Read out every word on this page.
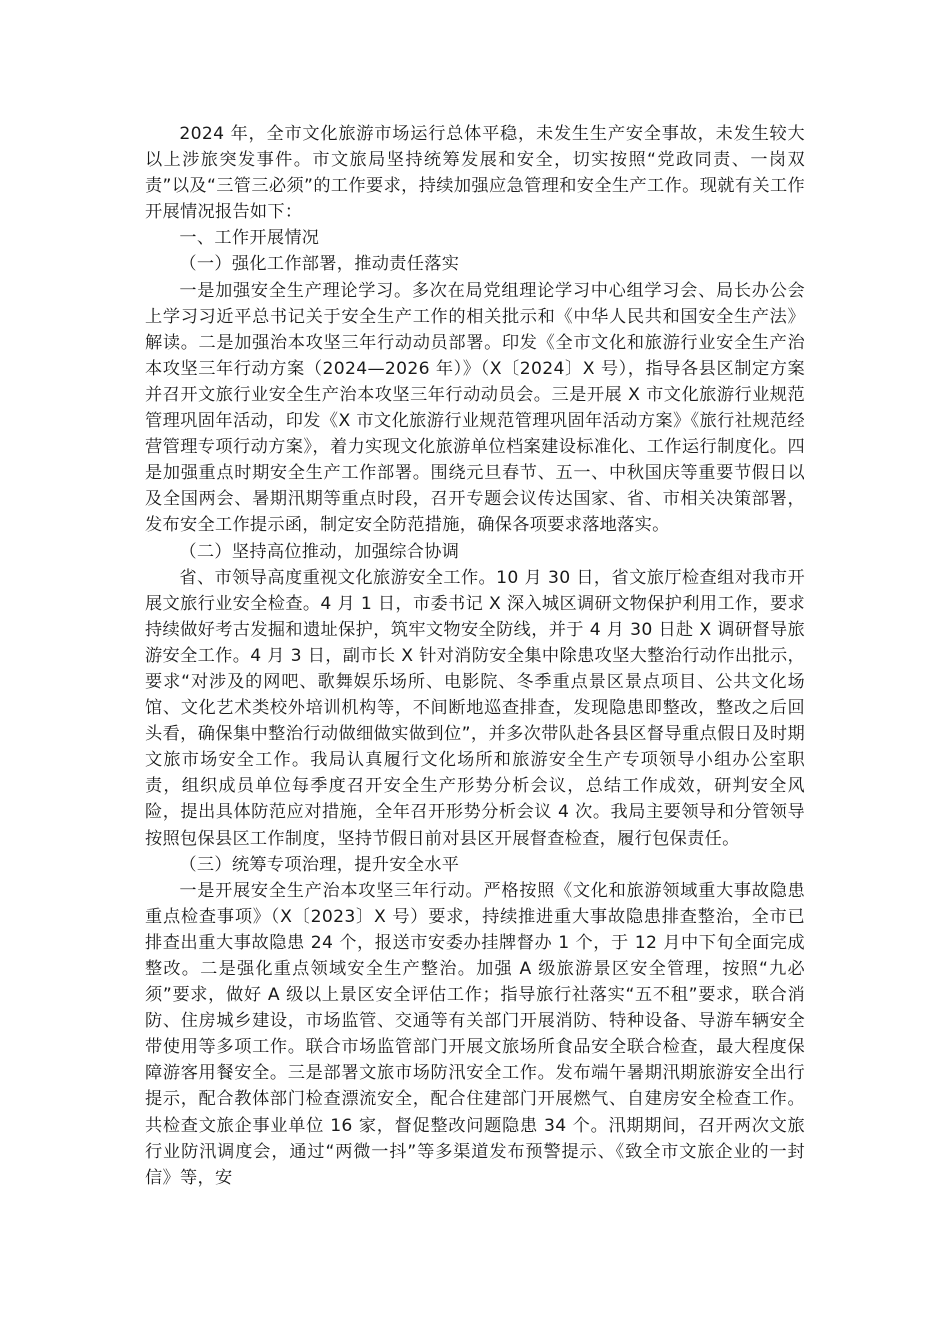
2024 年，全市文化旅游市场运行总体平稳，未发生生产安全事故，未发生较大以上涉旅突发事件。市文旅局坚持统筹发展和安全，切实按照“党政同责、一岗双责”以及“三管三必须”的工作要求，持续加强应急管理和安全生产工作。现就有关工作开展情况报告如下：

一、工作开展情况

（一）强化工作部署，推动责任落实

一是加强安全生产理论学习。多次在局党组理论学习中心组学习会、局长办公会上学习习近平总书记关于安全生产工作的相关批示和《中华人民共和国安全生产法》解读。二是加强治本攻坚三年行动动员部署。印发《全市文化和旅游行业安全生产治本攻坚三年行动方案（2024—2026 年）》（X〔2024〕X 号），指导各县区制定方案并召开文旅行业安全生产治本攻坚三年行动动员会。三是开展 X 市文化旅游行业规范管理巩固年活动，印发《X 市文化旅游行业规范管理巩固年活动方案》《旅行社规范经营管理专项行动方案》，着力实现文化旅游单位档案建设标准化、工作运行制度化。四是加强重点时期安全生产工作部署。围绕元旦春节、五一、中秋国庆等重要节假日以及全国两会、暑期汛期等重点时段，召开专题会议传达国家、省、市相关决策部署，发布安全工作提示函，制定安全防范措施，确保各项要求落地落实。

（二）坚持高位推动，加强综合协调

省、市领导高度重视文化旅游安全工作。10 月 30 日，省文旅厅检查组对我市开展文旅行业安全检查。4 月 1 日，市委书记 X 深入城区调研文物保护利用工作，要求持续做好考古发掘和遗址保护，筑牢文物安全防线，并于 4 月 30 日赴 X 调研督导旅游安全工作。4 月 3 日，副市长 X 针对消防安全集中除患攻坚大整治行动作出批示，要求“对涉及的网吧、歌舞娱乐场所、电影院、冬季重点景区景点项目、公共文化场馆、文化艺术类校外培训机构等，不间断地巡查排查，发现隐患即整改，整改之后回头看，确保集中整治行动做细做实做到位”，并多次带队赴各县区督导重点假日及时期文旅市场安全工作。我局认真履行文化场所和旅游安全生产专项领导小组办公室职责，组织成员单位每季度召开安全生产形势分析会议，总结工作成效，研判安全风险，提出具体防范应对措施，全年召开形势分析会议 4 次。我局主要领导和分管领导按照包保县区工作制度，坚持节假日前对县区开展督查检查，履行包保责任。

（三）统筹专项治理，提升安全水平

一是开展安全生产治本攻坚三年行动。严格按照《文化和旅游领域重大事故隐患重点检查事项》（X〔2023〕X 号）要求，持续推进重大事故隐患排查整治，全市已排查出重大事故隐患 24 个，报送市安委办挂牌督办 1 个，于 12 月中下旬全面完成整改。二是强化重点领域安全生产整治。加强 A 级旅游景区安全管理，按照“九必须”要求，做好 A 级以上景区安全评估工作；指导旅行社落实“五不租”要求，联合消防、住房城乡建设，市场监管、交通等有关部门开展消防、特种设备、导游车辆安全带使用等多项工作。联合市场监管部门开展文旅场所食品安全联合检查，最大程度保障游客用餐安全。三是部署文旅市场防汛安全工作。发布端午暑期汛期旅游安全出行提示，配合教体部门检查漂流安全，配合住建部门开展燃气、自建房安全检查工作。共检查文旅企事业单位 16 家，督促整改问题隐患 34 个。汛期期间，召开两次文旅行业防汛调度会，通过“两微一抖”等多渠道发布预警提示、《致全市文旅企业的一封信》等，安
